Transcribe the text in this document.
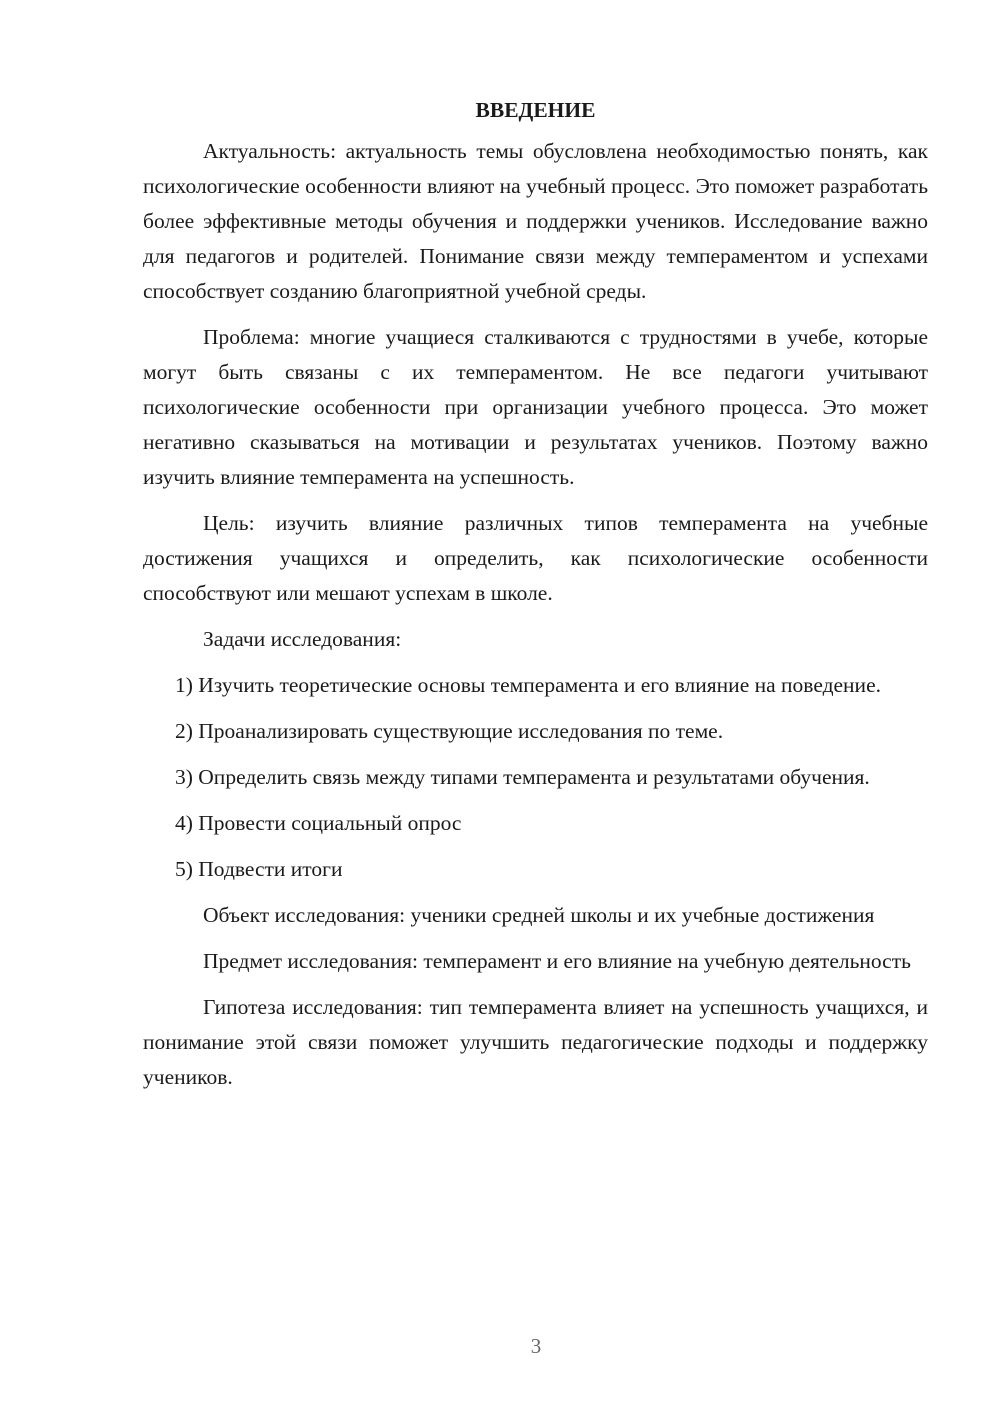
ВВЕДЕНИЕ

Актуальность: актуальность темы обусловлена необходимостью понять, как психологические особенности влияют на учебный процесс. Это поможет разработать более эффективные методы обучения и поддержки учеников. Исследование важно для педагогов и родителей. Понимание связи между темпераментом и успехами способствует созданию благоприятной учебной среды.

Проблема: многие учащиеся сталкиваются с трудностями в учебе, которые могут быть связаны с их темпераментом. Не все педагоги учитывают психологические особенности при организации учебного процесса. Это может негативно сказываться на мотивации и результатах учеников. Поэтому важно изучить влияние темперамента на успешность.

Цель: изучить влияние различных типов темперамента на учебные достижения учащихся и определить, как психологические особенности способствуют или мешают успехам в школе.

Задачи исследования:

1) Изучить теоретические основы темперамента и его влияние на поведение.

2) Проанализировать существующие исследования по теме.

3) Определить связь между типами темперамента и результатами обучения.

4) Провести социальный опрос

5) Подвести итоги

Объект исследования: ученики средней школы и их учебные достижения

Предмет исследования: темперамент и его влияние на учебную деятельность

Гипотеза исследования: тип темперамента влияет на успешность учащихся, и понимание этой связи поможет улучшить педагогические подходы и поддержку учеников.

3
